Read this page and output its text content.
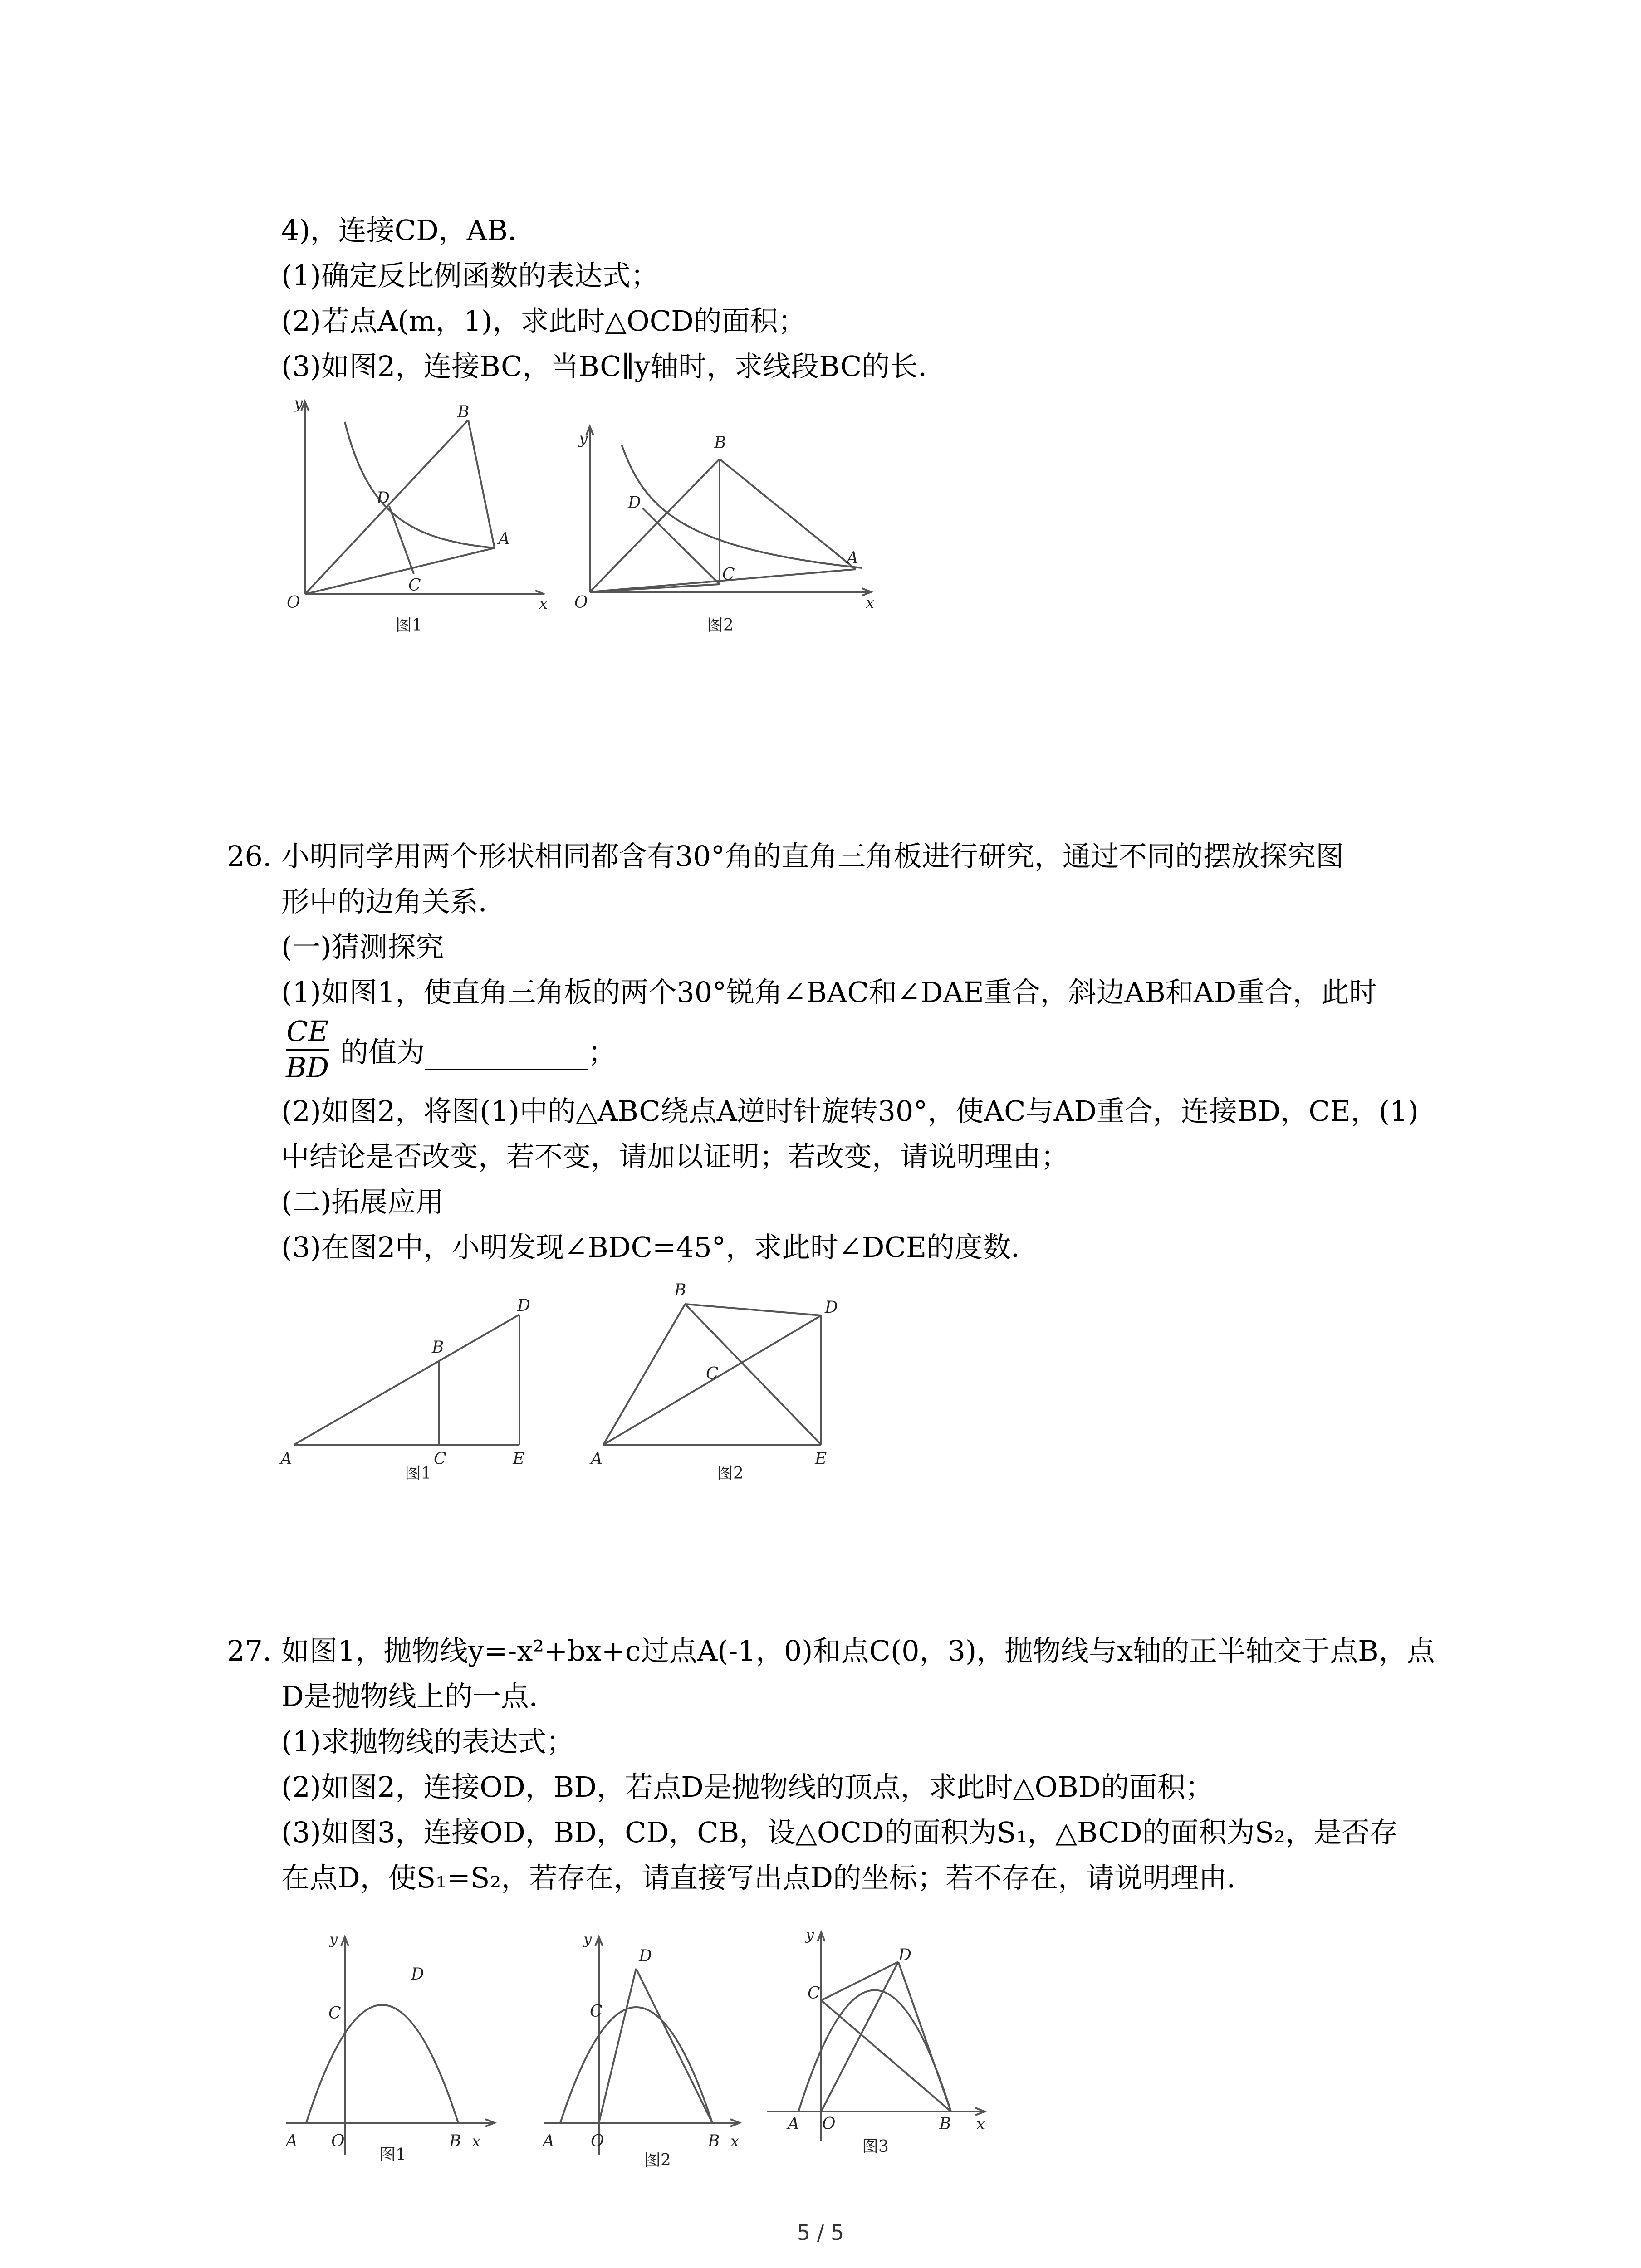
4)，连接CD，AB．
(1)确定反比例函数的表达式；
(2)若点A(m，1)，求此时△OCD的面积；
(3)如图2，连接BC，当BC∥y轴时，求线段BC的长．
y
x
O
B
D
A
C
图1
y
x
O
B
D
A
C
图2
26. 小明同学用两个形状相同都含有30°角的直角三角板进行研究，通过不同的摆放探究图
形中的边角关系．
(一)猜测探究
(1)如图1，使直角三角板的两个30°锐角∠BAC和∠DAE重合，斜边AB和AD重合，此时
CE
BD 的值为	；
(2)如图2，将图(1)中的△ABC绕点A逆时针旋转30°，使AC与AD重合，连接BD，CE，(1)
中结论是否改变，若不变，请加以证明；若改变，请说明理由；
(二)拓展应用
(3)在图2中，小明发现∠BDC=45°，求此时∠DCE的度数．
A
B
C
D
E
图1
A
B
C
D
E
图2
27. 如图1，抛物线y=-x²+bx+c过点A(-1，0)和点C(0，3)，抛物线与x轴的正半轴交于点B，点
D是抛物线上的一点．
(1)求抛物线的表达式；
(2)如图2，连接OD，BD，若点D是抛物线的顶点，求此时△OBD的面积；
(3)如图3，连接OD，BD，CD，CB，设△OCD的面积为S₁，△BCD的面积为S₂，是否存
在点D，使S₁=S₂，若存在，请直接写出点D的坐标；若不存在，请说明理由．
y
x
A O	B
C
D
图1
y
x
A O	B
C
D
图2
y
x
A O	B
C
D
图3
5 / 5
